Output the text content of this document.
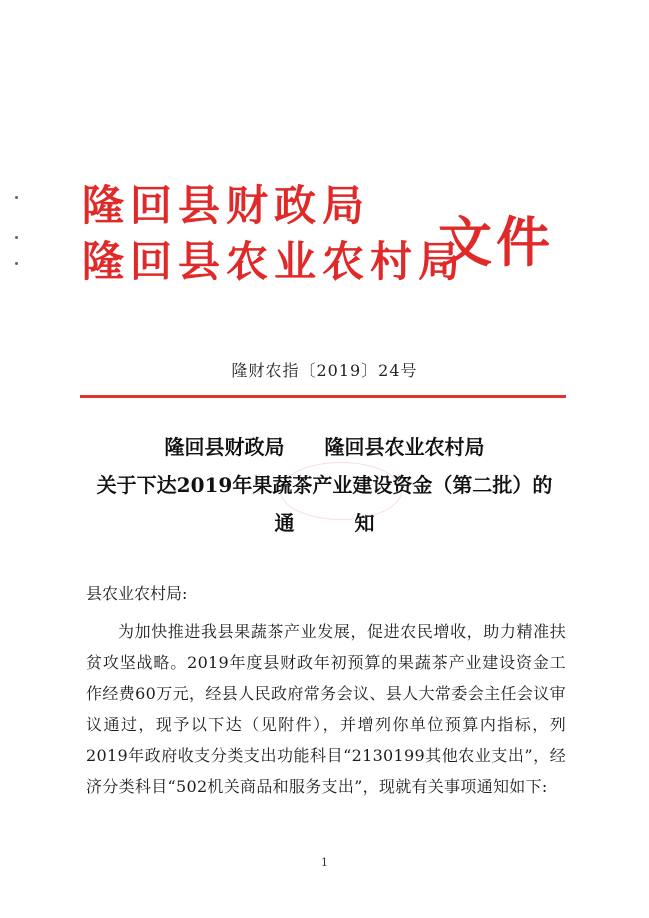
隆回县财政局
隆回县农业农村局
文件
隆财农指〔2019〕24号
隆回县财政局　　隆回县农业农村局
关于下达2019年果蔬茶产业建设资金（第二批）的
通知

县农业农村局:

为加快推进我县果蔬茶产业发展，促进农民增收，助力精准扶贫攻坚战略。2019年度县财政年初预算的果蔬茶产业建设资金工作经费60万元，经县人民政府常务会议、县人大常委会主任会议审议通过，现予以下达（见附件），并增列你单位预算内指标，列2019年政府收支分类支出功能科目“2130199其他农业支出”，经济分类科目“502机关商品和服务支出”，现就有关事项通知如下:

1
